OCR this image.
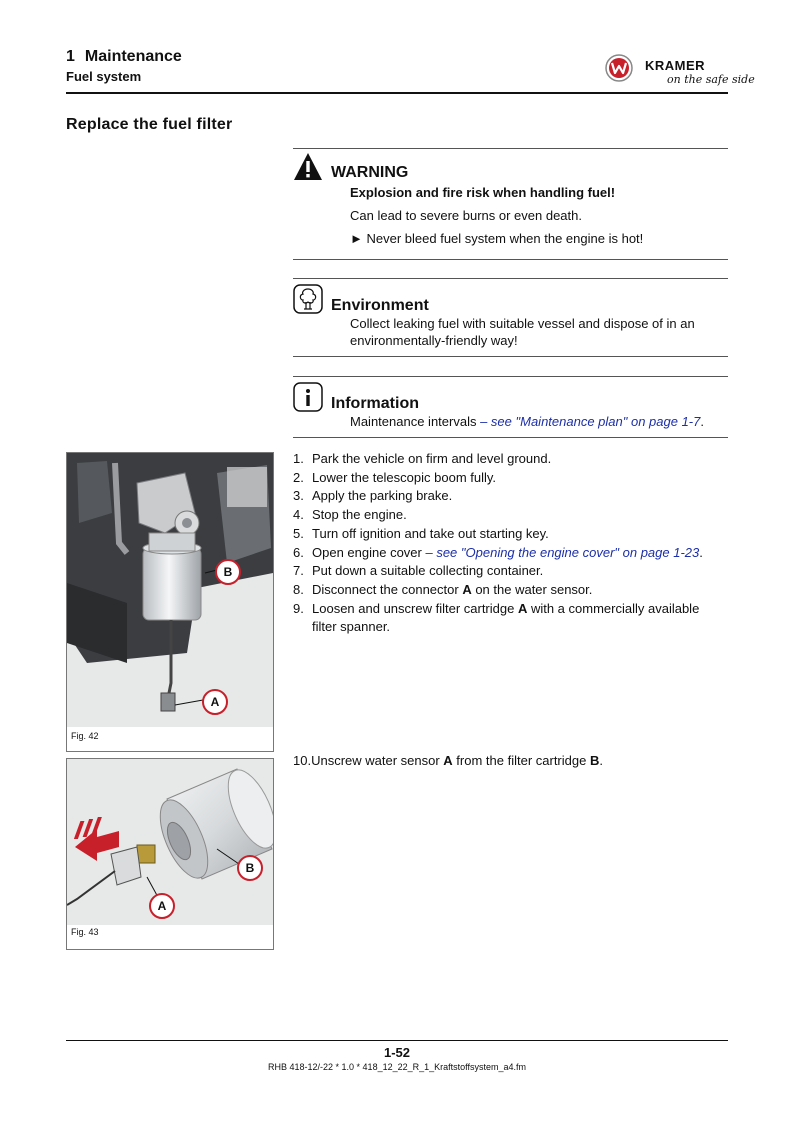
1 Maintenance
Fuel system
KRAMER
on the safe side
Replace the fuel filter
WARNING
Explosion and fire risk when handling fuel!
Can lead to severe burns or even death.
► Never bleed fuel system when the engine is hot!
Environment
Collect leaking fuel with suitable vessel and dispose of in an
environmentally-friendly way!
Information
Maintenance intervals – see "Maintenance plan" on page 1-7.
1. Park the vehicle on firm and level ground.
2. Lower the telescopic boom fully.
3. Apply the parking brake.
4. Stop the engine.
5. Turn off ignition and take out starting key.
6. Open engine cover – see "Opening the engine cover" on page 1-23.
7. Put down a suitable collecting container.
8. Disconnect the connector A on the water sensor.
9. Loosen and unscrew filter cartridge A with a commercially available
filter spanner.
10.Unscrew water sensor A from the filter cartridge B.
B
A
Fig. 42
B
A
Fig. 43
1-52
RHB 418-12/-22 * 1.0 * 418_12_22_R_1_Kraftstoffsystem_a4.fm
